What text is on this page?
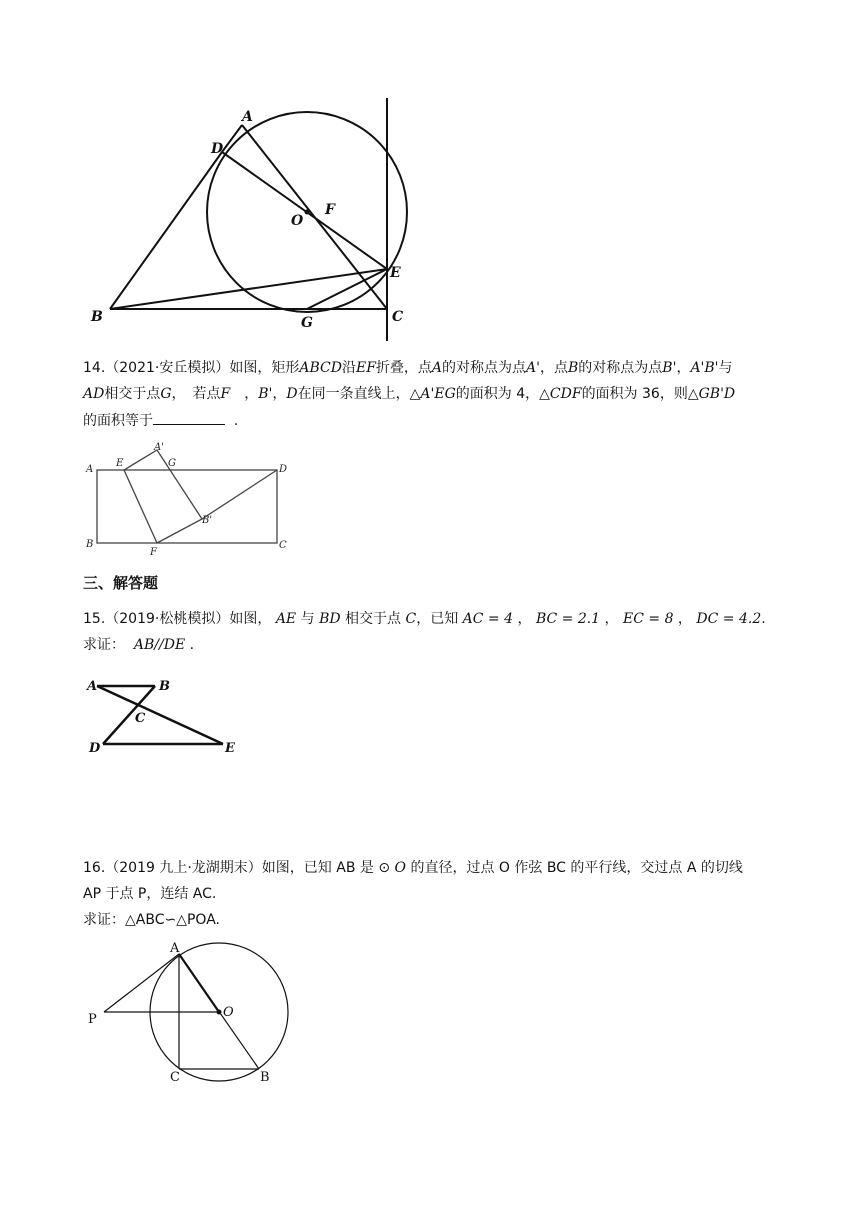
A
D
O
F
E
B	G	C
14.（2021·安丘模拟）如图，矩形ABCD沿EF折叠，点A的对称点为点A'，点B的对称点为点B'，A'B'与
AD相交于点G，　若点F　 ，B'，D在同一条直线上，△A'EG的面积为 4，△CDF的面积为 36，则△GB'D
的面积等于	.
A
E
A'
G
D
B'
B
F
C
三、解答题
15.（2019·松桃模拟）如图， AE 与 BD 相交于点 C，已知 AC = 4 ， BC = 2.1 ， EC = 8 ， DC = 4.2.
求证： AB//DE .
A	B
C
D	E
16.（2019 九上·龙湖期末）如图，已知 AB 是 ⊙ O 的直径，过点 O 作弦 BC 的平行线，交过点 A 的切线
AP 于点 P，连结 AC.
求证：△ABC∽△POA.
A
O
P
C	B
